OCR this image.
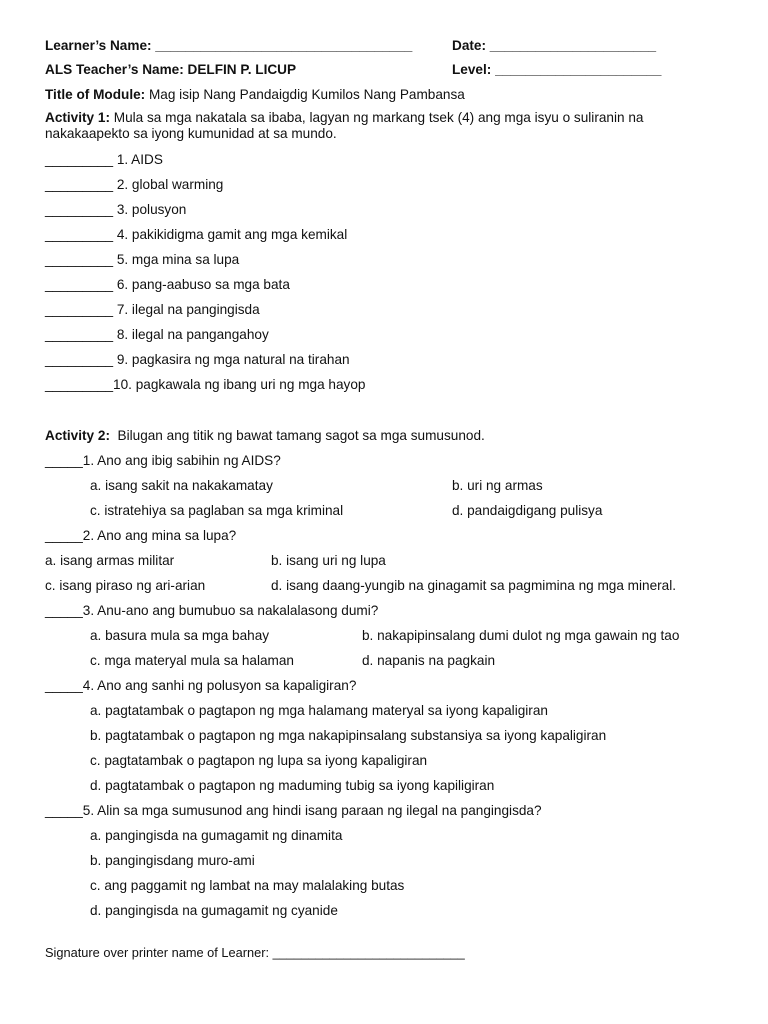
Learner’s Name: __________________________________	Date: ______________________
ALS Teacher’s Name: DELFIN P. LICUP	Level: ______________________
Title of Module: Mag isip Nang Pandaigdig Kumilos Nang Pambansa
Activity 1: Mula sa mga nakatala sa ibaba, lagyan ng markang tsek (4) ang mga isyu o suliranin na
nakakaapekto sa iyong kumunidad at sa mundo.
_________ 1. AIDS
_________ 2. global warming
_________ 3. polusyon
_________ 4. pakikidigma gamit ang mga kemikal
_________ 5. mga mina sa lupa
_________ 6. pang-aabuso sa mga bata
_________ 7. ilegal na pangingisda
_________ 8. ilegal na pangangahoy
_________ 9. pagkasira ng mga natural na tirahan
_________10. pagkawala ng ibang uri ng mga hayop
Activity 2:  Bilugan ang titik ng bawat tamang sagot sa mga sumusunod.
_____1. Ano ang ibig sabihin ng AIDS?
a. isang sakit na nakakamatay	b. uri ng armas
c. istratehiya sa paglaban sa mga kriminal	d. pandaigdigang pulisya
_____2. Ano ang mina sa lupa?
a. isang armas militar	b. isang uri ng lupa
c. isang piraso ng ari-arian	d. isang daang-yungib na ginagamit sa pagmimina ng mga mineral.
_____3. Anu-ano ang bumubuo sa nakalalasong dumi?
a. basura mula sa mga bahay	b. nakapipinsalang dumi dulot ng mga gawain ng tao
c. mga materyal mula sa halaman	d. napanis na pagkain
_____4. Ano ang sanhi ng polusyon sa kapaligiran?
a. pagtatambak o pagtapon ng mga halamang materyal sa iyong kapaligiran
b. pagtatambak o pagtapon ng mga nakapipinsalang substansiya sa iyong kapaligiran
c. pagtatambak o pagtapon ng lupa sa iyong kapaligiran
d. pagtatambak o pagtapon ng maduming tubig sa iyong kapiligiran
_____5. Alin sa mga sumusunod ang hindi isang paraan ng ilegal na pangingisda?
a. pangingisda na gumagamit ng dinamita
b. pangingisdang muro-ami
c. ang paggamit ng lambat na may malalaking butas
d. pangingisda na gumagamit ng cyanide
Signature over printer name of Learner: ___________________________
